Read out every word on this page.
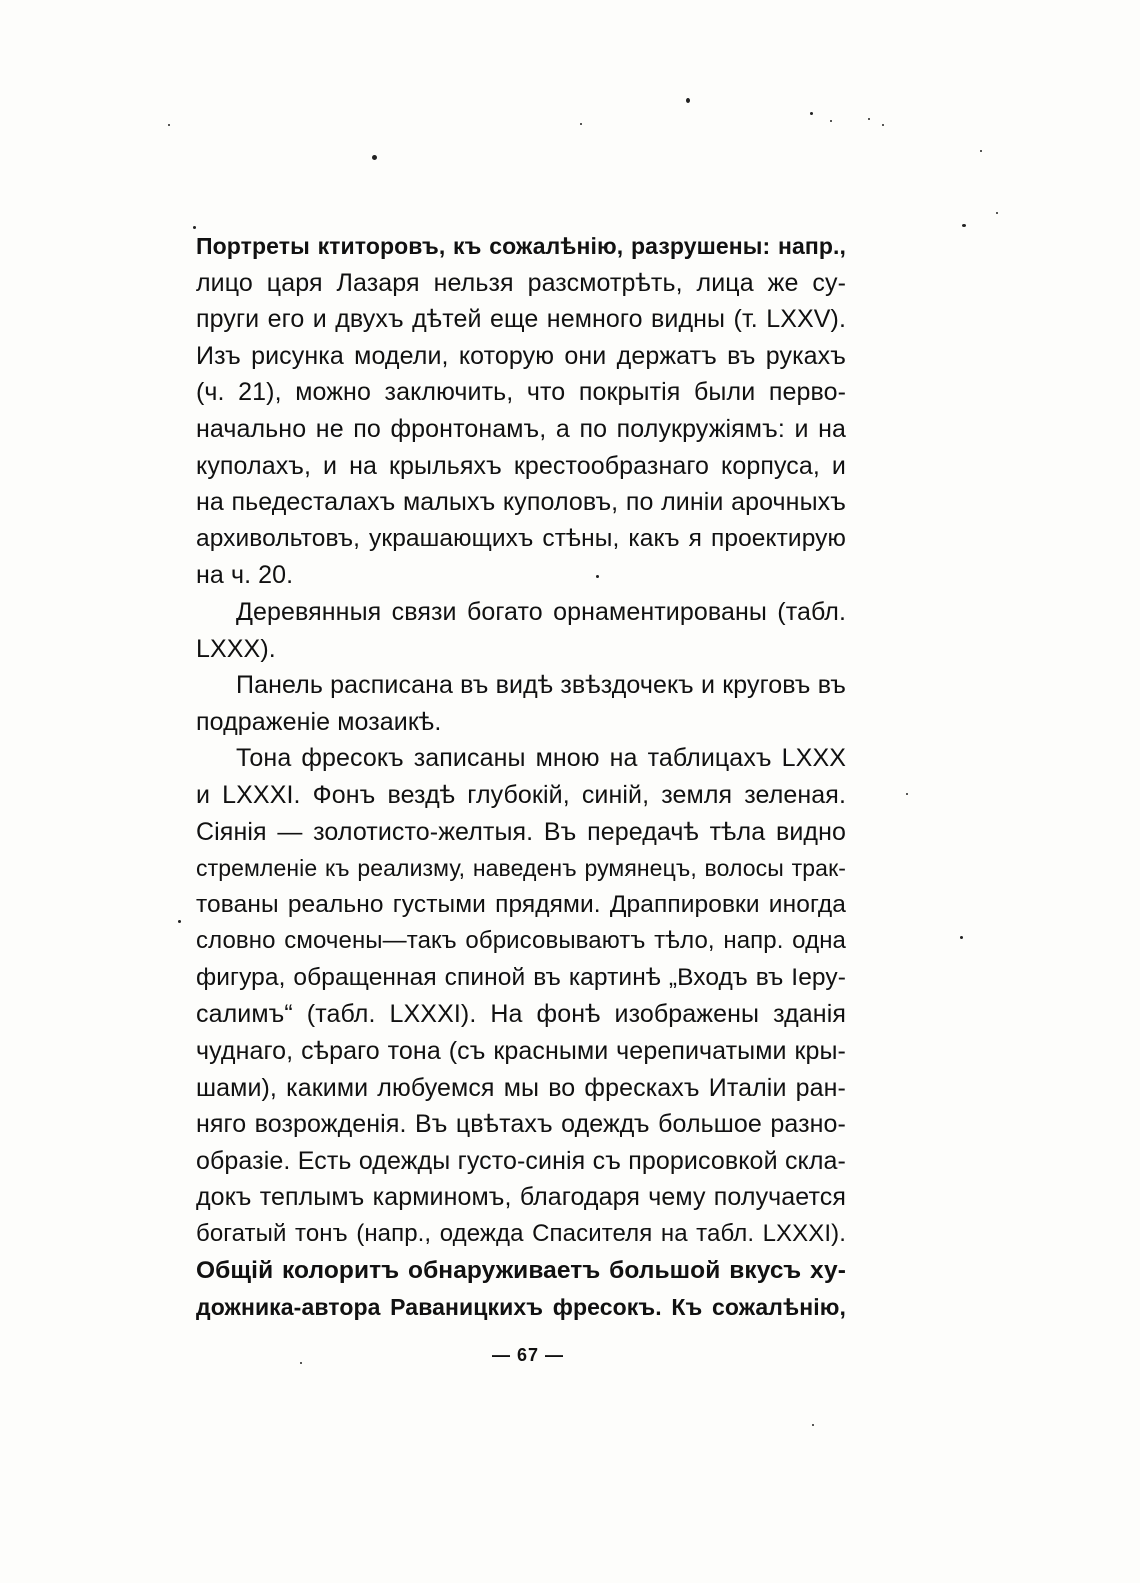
Портреты ктиторовъ, къ сожалѣнію, разрушены: напр.,
лицо царя Лазаря нельзя разсмотрѣть, лица же су-
пруги его и двухъ дѣтей еще немного видны (т. LXXV).
Изъ рисунка модели, которую они держатъ въ рукахъ
(ч. 21), можно заключить, что покрытія были перво-
начально не по фронтонамъ, а по полукружіямъ: и на
куполахъ, и на крыльяхъ крестообразнаго корпуса, и
на пьедесталахъ малыхъ куполовъ, по линіи арочныхъ
архивольтовъ, украшающихъ стѣны, какъ я проектирую
на ч. 20.
Деревянныя связи богато орнаментированы (табл.
LXXX).
Панель расписана въ видѣ звѣздочекъ и круговъ въ
подраженіе мозаикѣ.
Тона фресокъ записаны мною на таблицахъ LXXX
и LXXXI. Фонъ вездѣ глубокій, синій, земля зеленая.
Сіянія — золотисто-желтыя. Въ передачѣ тѣла видно
стремленіе къ реализму, наведенъ румянецъ, волосы трак-
тованы реально густыми прядями. Драппировки иногда
словно смочены—такъ обрисовываютъ тѣло, напр. одна
фигура, обращенная спиной въ картинѣ „Входъ въ Іеру-
салимъ“ (табл. LXXXI). На фонѣ изображены зданія
чуднаго, сѣраго тона (съ красными черепичатыми кры-
шами), какими любуемся мы во фрескахъ Италіи ран-
няго возрожденія. Въ цвѣтахъ одеждъ большое разно-
образіе. Есть одежды густо-синія съ прорисовкой скла-
докъ теплымъ карминомъ, благодаря чему получается
богатый тонъ (напр., одежда Спасителя на табл. LXXXI).
Общій колоритъ обнаруживаетъ большой вкусъ ху-
дожника-автора Раваницкихъ фресокъ. Къ сожалѣнію,
— 67 —
